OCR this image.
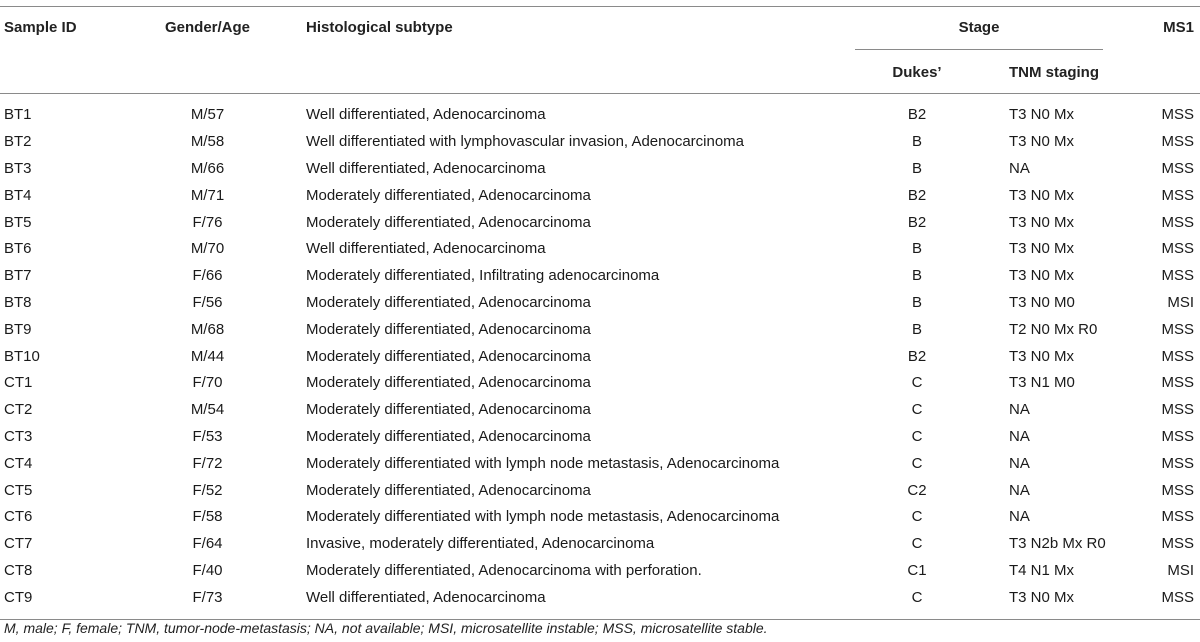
Sample ID	Gender/Age	Histological subtype	Stage		MS1
			Dukes’	TNM staging	
BT1	M/57	Well differentiated, Adenocarcinoma	B2	T3 N0 Mx	MSS
BT2	M/58	Well differentiated with lymphovascular invasion, Adenocarcinoma	B	T3 N0 Mx	MSS
BT3	M/66	Well differentiated, Adenocarcinoma	B	NA	MSS
BT4	M/71	Moderately differentiated, Adenocarcinoma	B2	T3 N0 Mx	MSS
BT5	F/76	Moderately differentiated, Adenocarcinoma	B2	T3 N0 Mx	MSS
BT6	M/70	Well differentiated, Adenocarcinoma	B	T3 N0 Mx	MSS
BT7	F/66	Moderately differentiated, Infiltrating adenocarcinoma	B	T3 N0 Mx	MSS
BT8	F/56	Moderately differentiated, Adenocarcinoma	B	T3 N0 M0	MSI
BT9	M/68	Moderately differentiated, Adenocarcinoma	B	T2 N0 Mx R0	MSS
BT10	M/44	Moderately differentiated, Adenocarcinoma	B2	T3 N0 Mx	MSS
CT1	F/70	Moderately differentiated, Adenocarcinoma	C	T3 N1 M0	MSS
CT2	M/54	Moderately differentiated, Adenocarcinoma	C	NA	MSS
CT3	F/53	Moderately differentiated, Adenocarcinoma	C	NA	MSS
CT4	F/72	Moderately differentiated with lymph node metastasis, Adenocarcinoma	C	NA	MSS
CT5	F/52	Moderately differentiated, Adenocarcinoma	C2	NA	MSS
CT6	F/58	Moderately differentiated with lymph node metastasis, Adenocarcinoma	C	NA	MSS
CT7	F/64	Invasive, moderately differentiated, Adenocarcinoma	C	T3 N2b Mx R0	MSS
CT8	F/40	Moderately differentiated, Adenocarcinoma with perforation.	C1	T4 N1 Mx	MSI
CT9	F/73	Well differentiated, Adenocarcinoma	C	T3 N0 Mx	MSS
M, male; F, female; TNM, tumor-node-metastasis; NA, not available; MSI, microsatellite instable; MSS, microsatellite stable.
